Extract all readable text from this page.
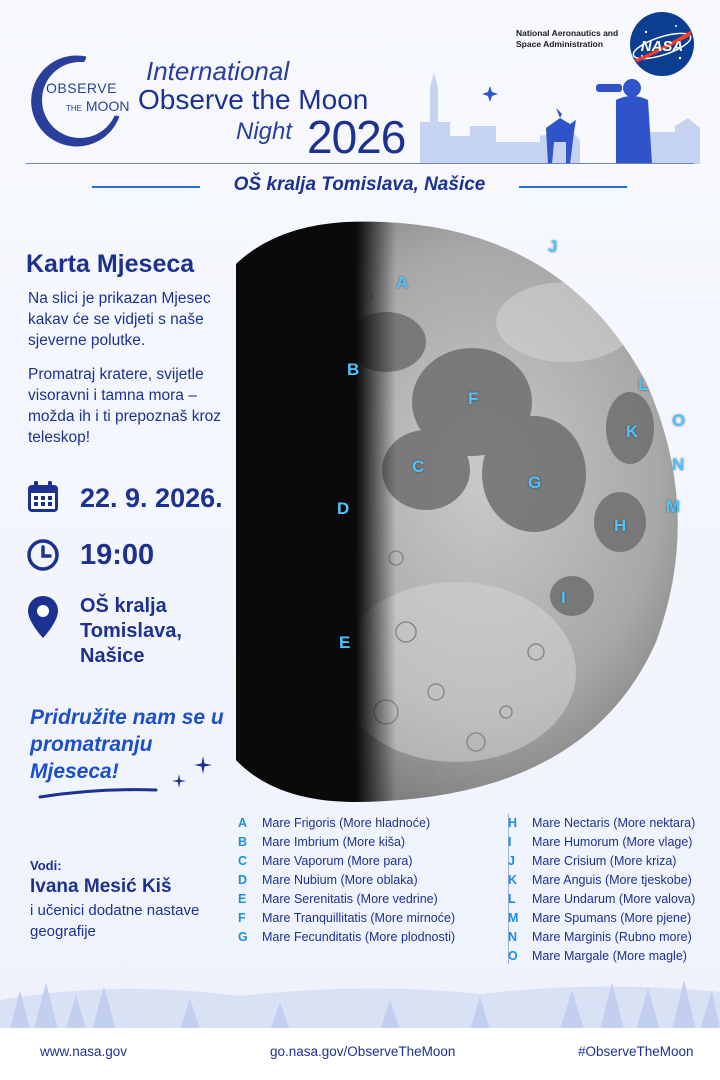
OBSERVE
THE MOON
International
Observe the Moon
Night 2026
National Aeronautics and Space Administration	NASA
OŠ kralja Tomislava, Našice
Karta Mjeseca
Na slici je prikazan Mjesec kakav će se vidjeti s naše sjeverne polutke.
Promatraj kratere, svijetle visoravni i tamna mora – možda ih i ti prepoznaš kroz teleskop!
22. 9. 2026.
19:00
OŠ kralja Tomislava, Našice
Pridružite nam se u promatranju Mjeseca!
Vodi:
Ivana Mesić Kiš
i učenici dodatne nastave geografije
A
B
C
D
E
F
G
H
I
J
K
L
M
N
O
A	Mare Frigoris (More hladnoće)
B	Mare Imbrium (More kiša)
C	Mare Vaporum (More para)
D	Mare Nubium (More oblaka)
E	Mare Serenitatis (More vedrine)
F	Mare Tranquillitatis (More mirnoće)
G	Mare Fecunditatis (More plodnosti)
H	Mare Nectaris (More nektara)
I	Mare Humorum (More vlage)
J	Mare Crisium (More kriza)
K	Mare Anguis (More tjeskobe)
L	Mare Undarum (More valova)
M	Mare Spumans (More pjene)
N	Mare Marginis (Rubno more)
O	Mare Margale (More magle)
www.nasa.gov	go.nasa.gov/ObserveTheMoon	#ObserveTheMoon
